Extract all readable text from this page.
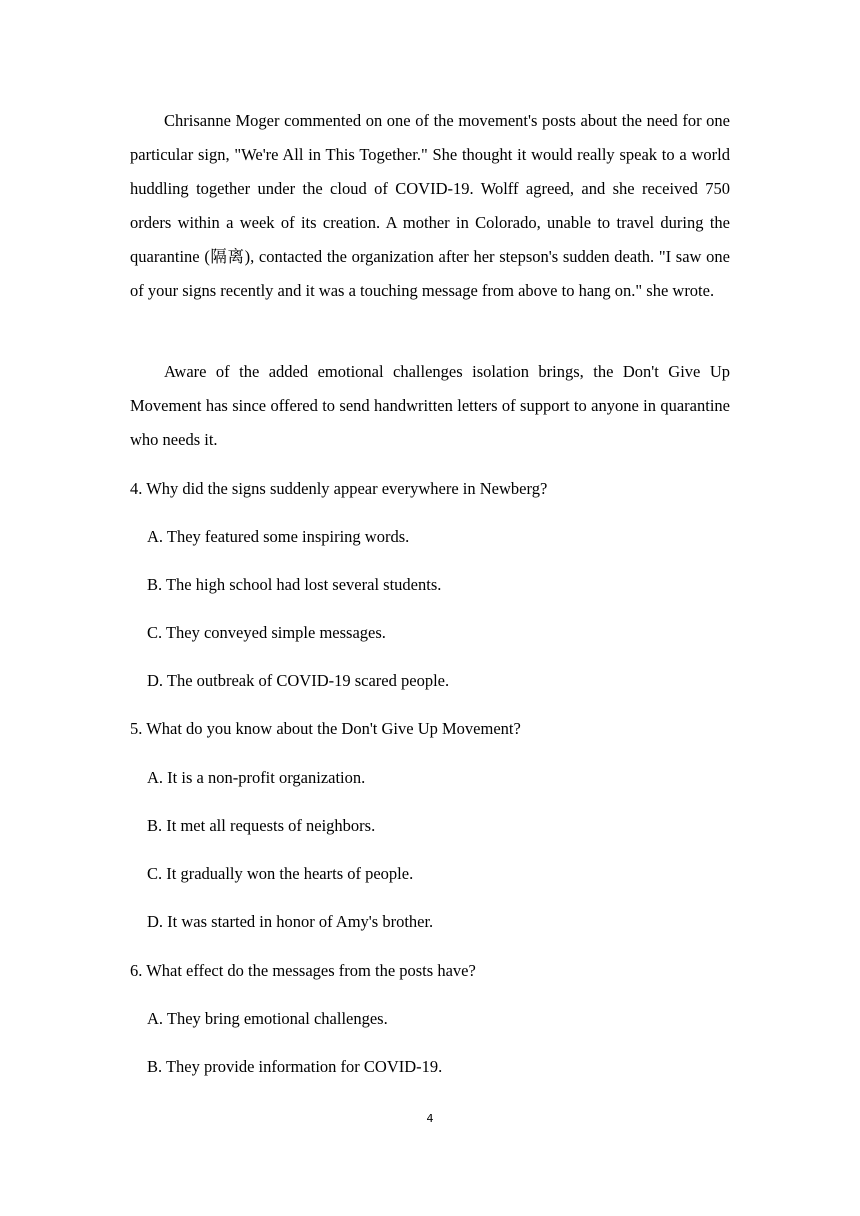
Chrisanne Moger commented on one of the movement's posts about the need for one particular sign, "We're All in This Together." She thought it would really speak to a world huddling together under the cloud of COVID-19. Wolff agreed, and she received 750 orders within a week of its creation. A mother in Colorado, unable to travel during the quarantine (隔离), contacted the organization after her stepson's sudden death. "I saw one of your signs recently and it was a touching message from above to hang on." she wrote.

Aware of the added emotional challenges isolation brings, the Don't Give Up Movement has since offered to send handwritten letters of support to anyone in quarantine who needs it.

4. Why did the signs suddenly appear everywhere in Newberg?
A. They featured some inspiring words.
B. The high school had lost several students.
C. They conveyed simple messages.
D. The outbreak of COVID-19 scared people.
5. What do you know about the Don't Give Up Movement?
A. It is a non-profit organization.
B. It met all requests of neighbors.
C. It gradually won the hearts of people.
D. It was started in honor of Amy's brother.
6. What effect do the messages from the posts have?
A. They bring emotional challenges.
B. They provide information for COVID-19.
4
